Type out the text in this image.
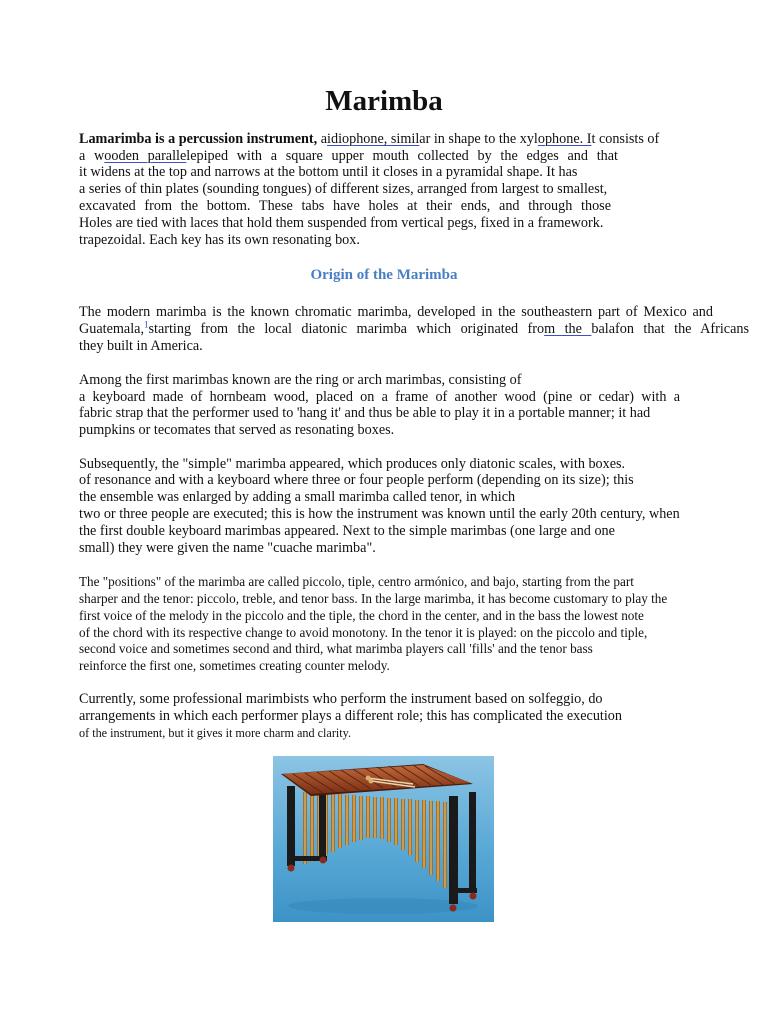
Marimba
Lamarimba is a percussion instrument, aidiophone, similar in shape to the xylophone. It consists of
a wooden parallelepiped with a square upper mouth collected by the edges and that
it widens at the top and narrows at the bottom until it closes in a pyramidal shape. It has
a series of thin plates (sounding tongues) of different sizes, arranged from largest to smallest,
excavated from the bottom. These tabs have holes at their ends, and through those
Holes are tied with laces that hold them suspended from vertical pegs, fixed in a framework.
trapezoidal. Each key has its own resonating box.
Origin of the Marimba
The modern marimba is the known chromatic marimba, developed in the southeastern part of Mexico and
Guatemala,$^1$starting from the local diatonic marimba which originated from the balafon that the Africans
they built in America.
Among the first marimbas known are the ring or arch marimbas, consisting of
a keyboard made of hornbeam wood, placed on a frame of another wood (pine or cedar) with a
fabric strap that the performer used to 'hang it' and thus be able to play it in a portable manner; it had
pumpkins or tecomates that served as resonating boxes.
Subsequently, the "simple" marimba appeared, which produces only diatonic scales, with boxes.
of resonance and with a keyboard where three or four people perform (depending on its size); this
the ensemble was enlarged by adding a small marimba called tenor, in which
two or three people are executed; this is how the instrument was known until the early 20th century, when
the first double keyboard marimbas appeared. Next to the simple marimbas (one large and one
small) they were given the name "cuache marimba".
The "positions" of the marimba are called piccolo, tiple, centro armónico, and bajo, starting from the part
sharper and the tenor: piccolo, treble, and tenor bass. In the large marimba, it has become customary to play the
first voice of the melody in the piccolo and the tiple, the chord in the center, and in the bass the lowest note
of the chord with its respective change to avoid monotony. In the tenor it is played: on the piccolo and tiple,
second voice and sometimes second and third, what marimba players call 'fills' and the tenor bass
reinforce the first one, sometimes creating counter melody.
Currently, some professional marimbists who perform the instrument based on solfeggio, do
arrangements in which each performer plays a different role; this has complicated the execution
of the instrument, but it gives it more charm and clarity.
